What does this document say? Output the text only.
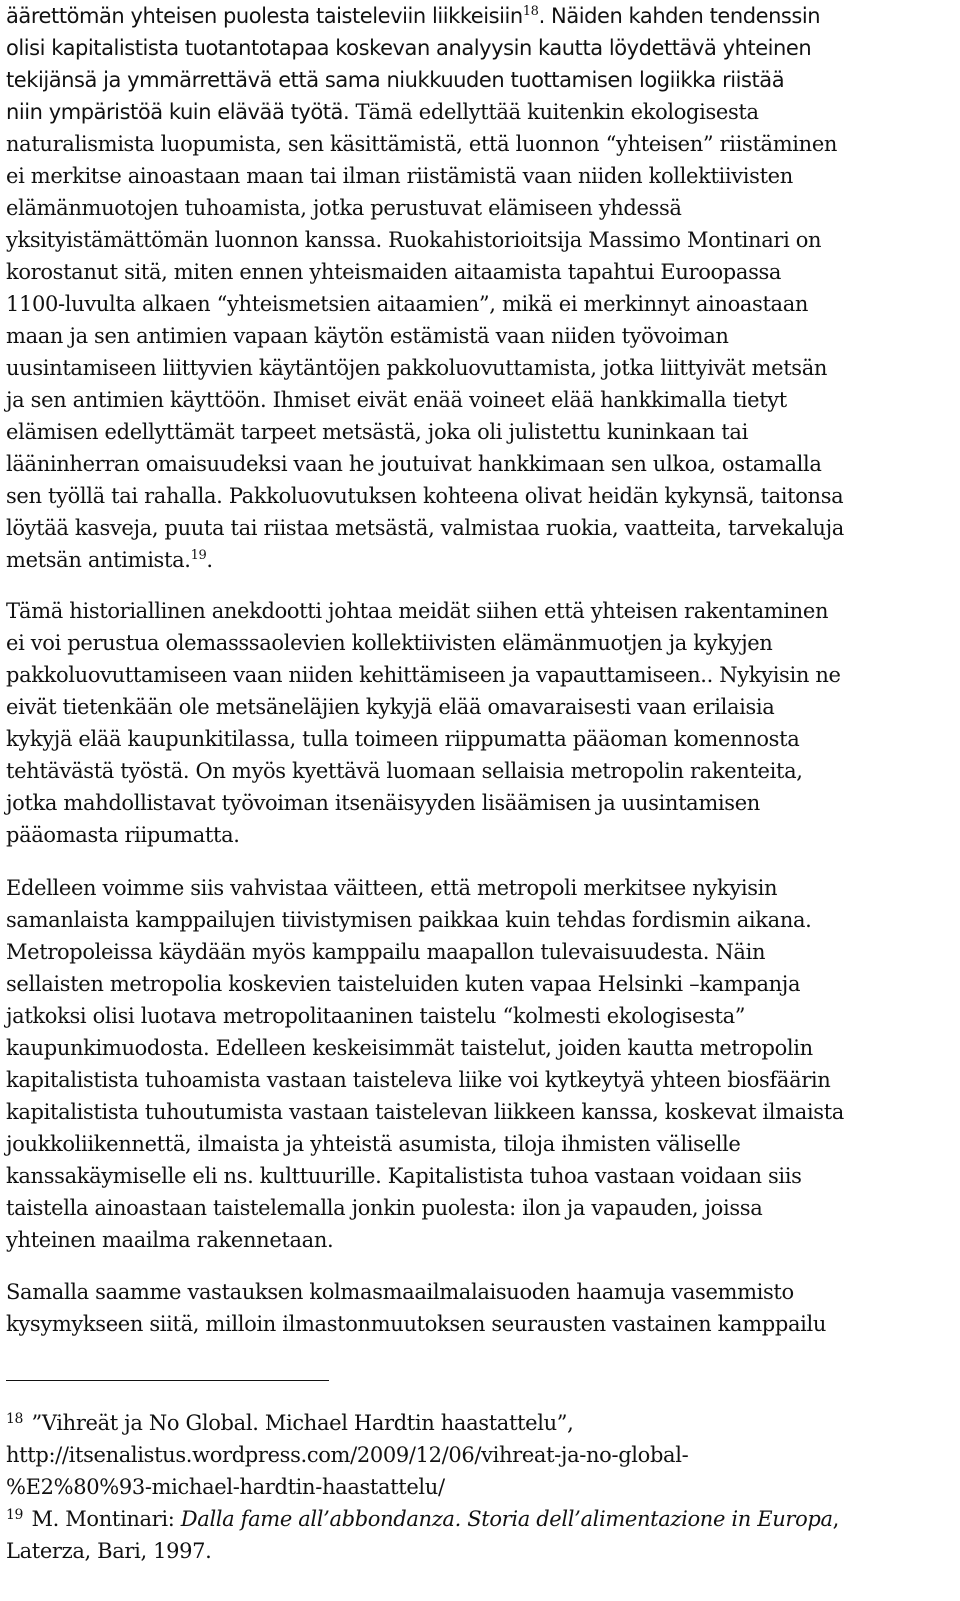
äärettömän yhteisen puolesta taisteleviin liikkeisiin$^{18}$. Näiden kahden tendenssin
olisi kapitalistista tuotantotapaa koskevan analyysin kautta löydettävä yhteinen
tekijänsä ja ymmärrettävä että sama niukkuuden tuottamisen logiikka riistää
niin ympäristöä kuin elävää työtä. Tämä edellyttää kuitenkin ekologisesta
naturalismista luopumista, sen käsittämistä, että luonnon “yhteisen” riistäminen
ei merkitse ainoastaan maan tai ilman riistämistä vaan niiden kollektiivisten
elämänmuotojen tuhoamista, jotka perustuvat elämiseen yhdessä
yksityistämättömän luonnon kanssa. Ruokahistorioitsija Massimo Montinari on
korostanut sitä, miten ennen yhteismaiden aitaamista tapahtui Euroopassa
1100-luvulta alkaen “yhteismetsien aitaamien”, mikä ei merkinnyt ainoastaan
maan ja sen antimien vapaan käytön estämistä vaan niiden työvoiman
uusintamiseen liittyvien käytäntöjen pakkoluovuttamista, jotka liittyivät metsän
ja sen antimien käyttöön. Ihmiset eivät enää voineet elää hankkimalla tietyt
elämisen edellyttämät tarpeet metsästä, joka oli julistettu kuninkaan tai
lääninherran omaisuudeksi vaan he joutuivat hankkimaan sen ulkoa, ostamalla
sen työllä tai rahalla. Pakkoluovutuksen kohteena olivat heidän kykynsä, taitonsa
löytää kasveja, puuta tai riistaa metsästä, valmistaa ruokia, vaatteita, tarvekaluja
metsän antimista.$^{19}$.
Tämä historiallinen anekdootti johtaa meidät siihen että yhteisen rakentaminen
ei voi perustua olemasssaolevien kollektiivisten elämänmuotjen ja kykyjen
pakkoluovuttamiseen vaan niiden kehittämiseen ja vapauttamiseen.. Nykyisin ne
eivät tietenkään ole metsäneläjien kykyjä elää omavaraisesti vaan erilaisia
kykyjä elää kaupunkitilassa, tulla toimeen riippumatta pääoman komennosta
tehtävästä työstä. On myös kyettävä luomaan sellaisia metropolin rakenteita,
jotka mahdollistavat työvoiman itsenäisyyden lisäämisen ja uusintamisen
pääomasta riipumatta.
Edelleen voimme siis vahvistaa väitteen, että metropoli merkitsee nykyisin
samanlaista kamppailujen tiivistymisen paikkaa kuin tehdas fordismin aikana.
Metropoleissa käydään myös kamppailu maapallon tulevaisuudesta. Näin
sellaisten metropolia koskevien taisteluiden kuten vapaa Helsinki –kampanja
jatkoksi olisi luotava metropolitaaninen taistelu “kolmesti ekologisesta”
kaupunkimuodosta. Edelleen keskeisimmät taistelut, joiden kautta metropolin
kapitalistista tuhoamista vastaan taisteleva liike voi kytkeytyä yhteen biosfäärin
kapitalistista tuhoutumista vastaan taistelevan liikkeen kanssa, koskevat ilmaista
joukkoliikennettä, ilmaista ja yhteistä asumista, tiloja ihmisten väliselle
kanssakäymiselle eli ns. kulttuurille. Kapitalistista tuhoa vastaan voidaan siis
taistella ainoastaan taistelemalla jonkin puolesta: ilon ja vapauden, joissa
yhteinen maailma rakennetaan.
Samalla saamme vastauksen kolmasmaailmalaisuoden haamuja vasemmisto
kysymykseen siitä, milloin ilmastonmuutoksen seurausten vastainen kamppailu
$^{18}$ ”Vihreät ja No Global. Michael Hardtin haastattelu”,
http://itsenalistus.wordpress.com/2009/12/06/vihreat-ja-no-global-
%E2%80%93-michael-hardtin-haastattelu/
$^{19}$ M. Montinari: Dalla fame all’abbondanza. Storia dell’alimentazione in Europa,
Laterza, Bari, 1997.
